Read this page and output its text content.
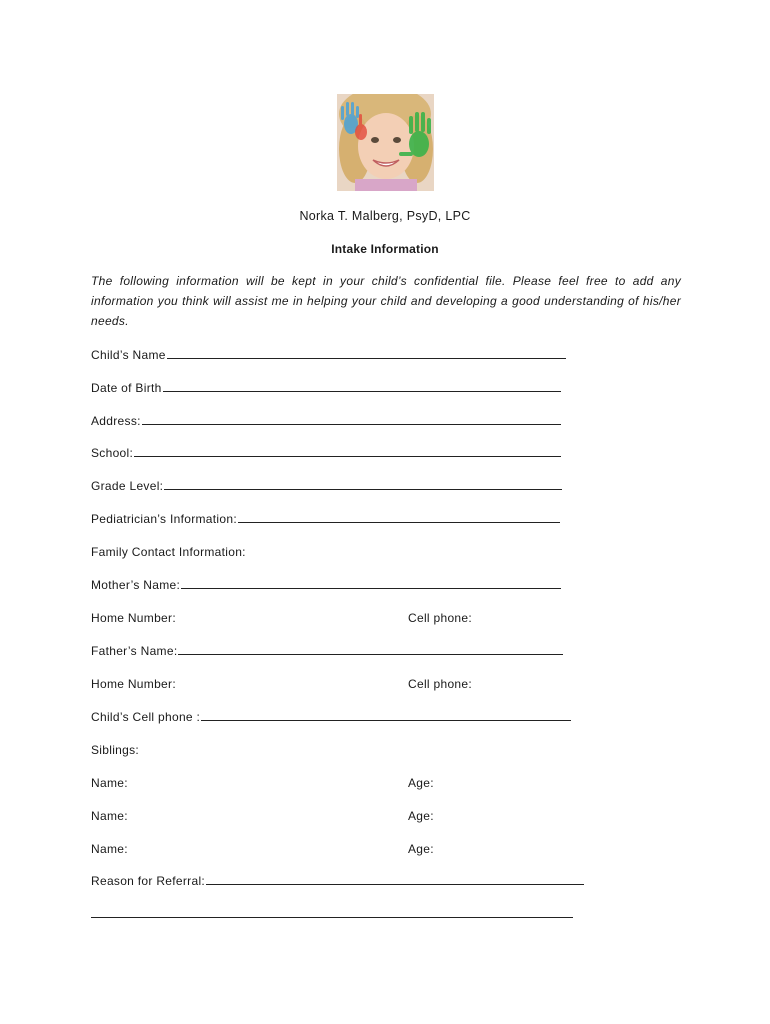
Norka T. Malberg, PsyD, LPC
Intake Information

The following information will be kept in your child’s confidential file. Please feel free to add any information you think will assist me in helping your child and developing a good understanding of his/her needs.

Child’s Name
Date of Birth
Address:
School:
Grade Level:
Pediatrician’s Information:
Family Contact Information:
Mother’s Name:
Home Number:	Cell phone:
Father’s Name:
Home Number:	Cell phone:
Child’s Cell phone :
Siblings:
Name:	Age:
Name:	Age:
Name:	Age:
Reason for Referral:
